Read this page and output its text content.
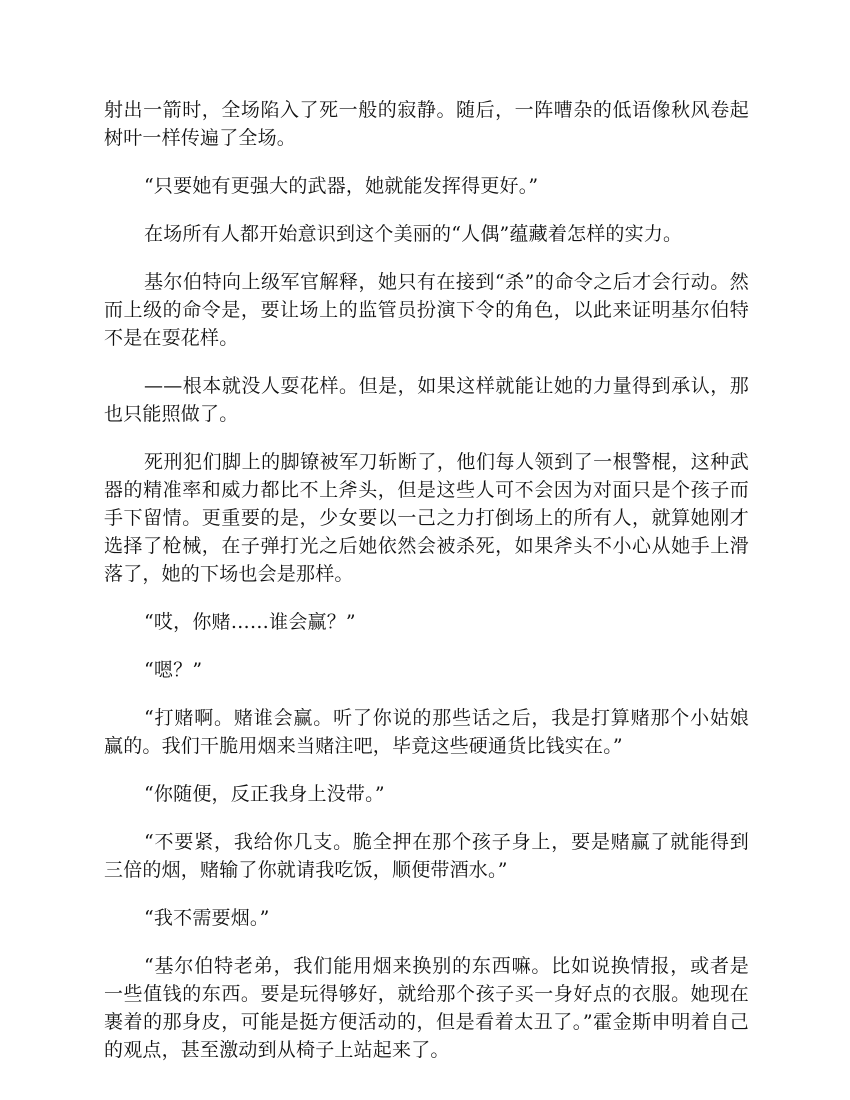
射出一箭时，全场陷入了死一般的寂静。随后，一阵嘈杂的低语像秋风卷起树叶一样传遍了全场。

“只要她有更强大的武器，她就能发挥得更好。”

在场所有人都开始意识到这个美丽的“人偶”蕴藏着怎样的实力。

基尔伯特向上级军官解释，她只有在接到“杀”的命令之后才会行动。然而上级的命令是，要让场上的监管员扮演下令的角色，以此来证明基尔伯特不是在耍花样。

——根本就没人耍花样。但是，如果这样就能让她的力量得到承认，那也只能照做了。

死刑犯们脚上的脚镣被军刀斩断了，他们每人领到了一根警棍，这种武器的精准率和威力都比不上斧头，但是这些人可不会因为对面只是个孩子而手下留情。更重要的是，少女要以一己之力打倒场上的所有人，就算她刚才选择了枪械，在子弹打光之后她依然会被杀死，如果斧头不小心从她手上滑落了，她的下场也会是那样。

“哎，你赌……谁会赢？”

“嗯？”

“打赌啊。赌谁会赢。听了你说的那些话之后，我是打算赌那个小姑娘赢的。我们干脆用烟来当赌注吧，毕竟这些硬通货比钱实在。”

“你随便，反正我身上没带。”

“不要紧，我给你几支。脆全押在那个孩子身上，要是赌赢了就能得到三倍的烟，赌输了你就请我吃饭，顺便带酒水。”

“我不需要烟。”

“基尔伯特老弟，我们能用烟来换别的东西嘛。比如说换情报，或者是一些值钱的东西。要是玩得够好，就给那个孩子买一身好点的衣服。她现在裹着的那身皮，可能是挺方便活动的，但是看着太丑了。”霍金斯申明着自己的观点，甚至激动到从椅子上站起来了。
